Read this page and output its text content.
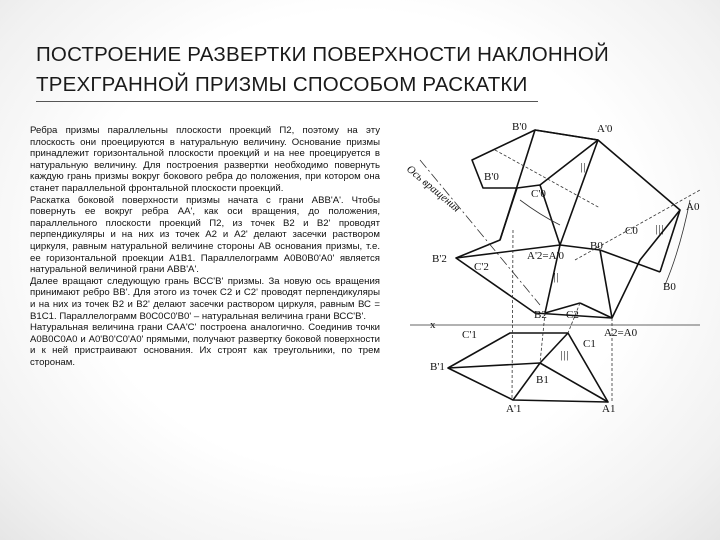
ПОСТРОЕНИЕ РАЗВЕРТКИ ПОВЕРХНОСТИ НАКЛОННОЙ
ТРЕХГРАННОЙ ПРИЗМЫ СПОСОБОМ РАСКАТКИ

Ребра призмы параллельны плоскости проекций П2, поэтому на эту плоскость они проецируются в натуральную величину. Основание призмы принадлежит горизонтальной плоскости проекций и на нее проецируется в натуральную величину. Для построения развертки необходимо повернуть каждую грань призмы вокруг бокового ребра до положения, при котором она станет параллельной фронтальной плоскости проекций.

Раскатка боковой поверхности призмы начата с грани АВВ'А'. Чтобы повернуть ее вокруг ребра АА', как оси вращения, до положения, параллельного плоскости проекций П2, из точек В2 и В2' проводят перпендикуляры и на них из точек А2 и А2' делают засечки раствором циркуля, равным натуральной величине стороны АВ основания призмы, т.е. ее горизонтальной проекции А1В1. Параллелограмм А0В0В0'А0' является натуральной величиной грани АВВ'А'.

Далее вращают следующую грань ВСС'В' призмы. За новую ось вращения принимают ребро ВВ'. Для этого из точек С2 и С2' проводят перпендикуляры и на них из точек В2 и В2' делают засечки раствором циркуля, равным ВС = В1С1. Параллелограмм В0С0С0'В0' – натуральная величина грани ВСС'В'.

Натуральная величина грани САА'С' построена аналогично. Соединив точки А0В0С0А0 и А0'В0'С0'А0' прямыми, получают развертку боковой поверхности и к ней пристраивают основания. Их строят как треугольники, по трем сторонам.

B'0	A'0
B'0
C'0
Ось вращения
C0
A0
B'2
C'2
A'2=A'0
B0
B0
B2 C2
A2=A0
x
C'1
C1
B'1
B1
A'1	A1
||
||
|||
|||
